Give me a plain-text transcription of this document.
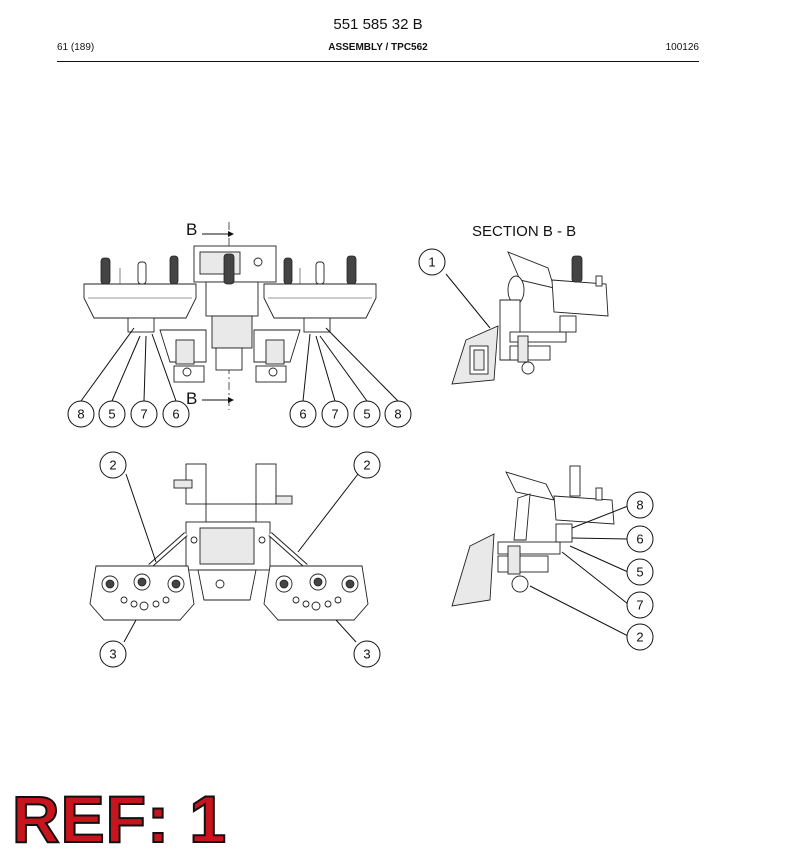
551 585 32 B
61 (189)	ASSEMBLY / TPC562	100126
B
B
8 5 7 6	6 7 5 8
SECTION B - B
1
2	2
3	3
8
6
5
7
2
REF: 1
